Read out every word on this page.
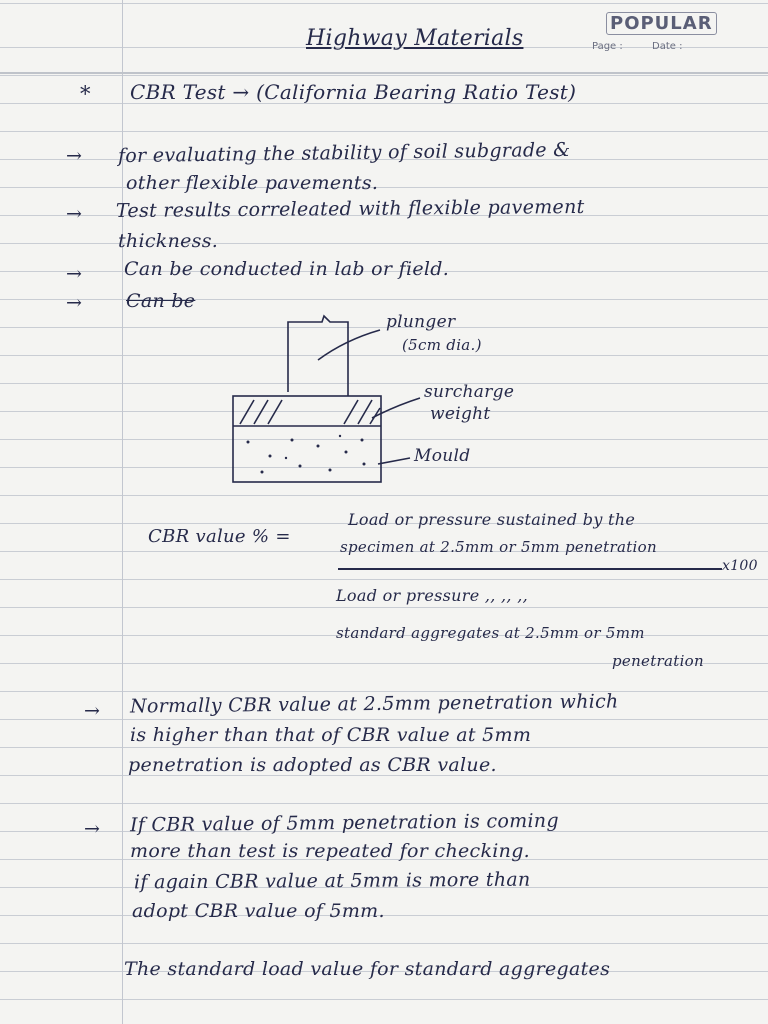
POPULAR
Page :	Date :
Highway Materials
* CBR Test → (California Bearing Ratio Test)
→ for evaluating the stability of soil subgrade &
other flexible pavements.
→ Test results correleated with flexible pavement
thickness.
→ Can be conducted in lab or field.
→ Can be
plunger
(5cm dia.)
surcharge
weight
Mould
CBR value % =
Load or pressure sustained by the
specimen at 2.5mm or 5mm penetration
x100
Load or pressure ,, ,, ,,
standard aggregates at 2.5mm or 5mm
penetration
→ Normally CBR value at 2.5mm penetration which
is higher than that of CBR value at 5mm
penetration is adopted as CBR value.
→ If CBR value of 5mm penetration is coming
more than test is repeated for checking.
if again CBR value at 5mm is more than
adopt CBR value of 5mm.
The standard load value for standard aggregates
